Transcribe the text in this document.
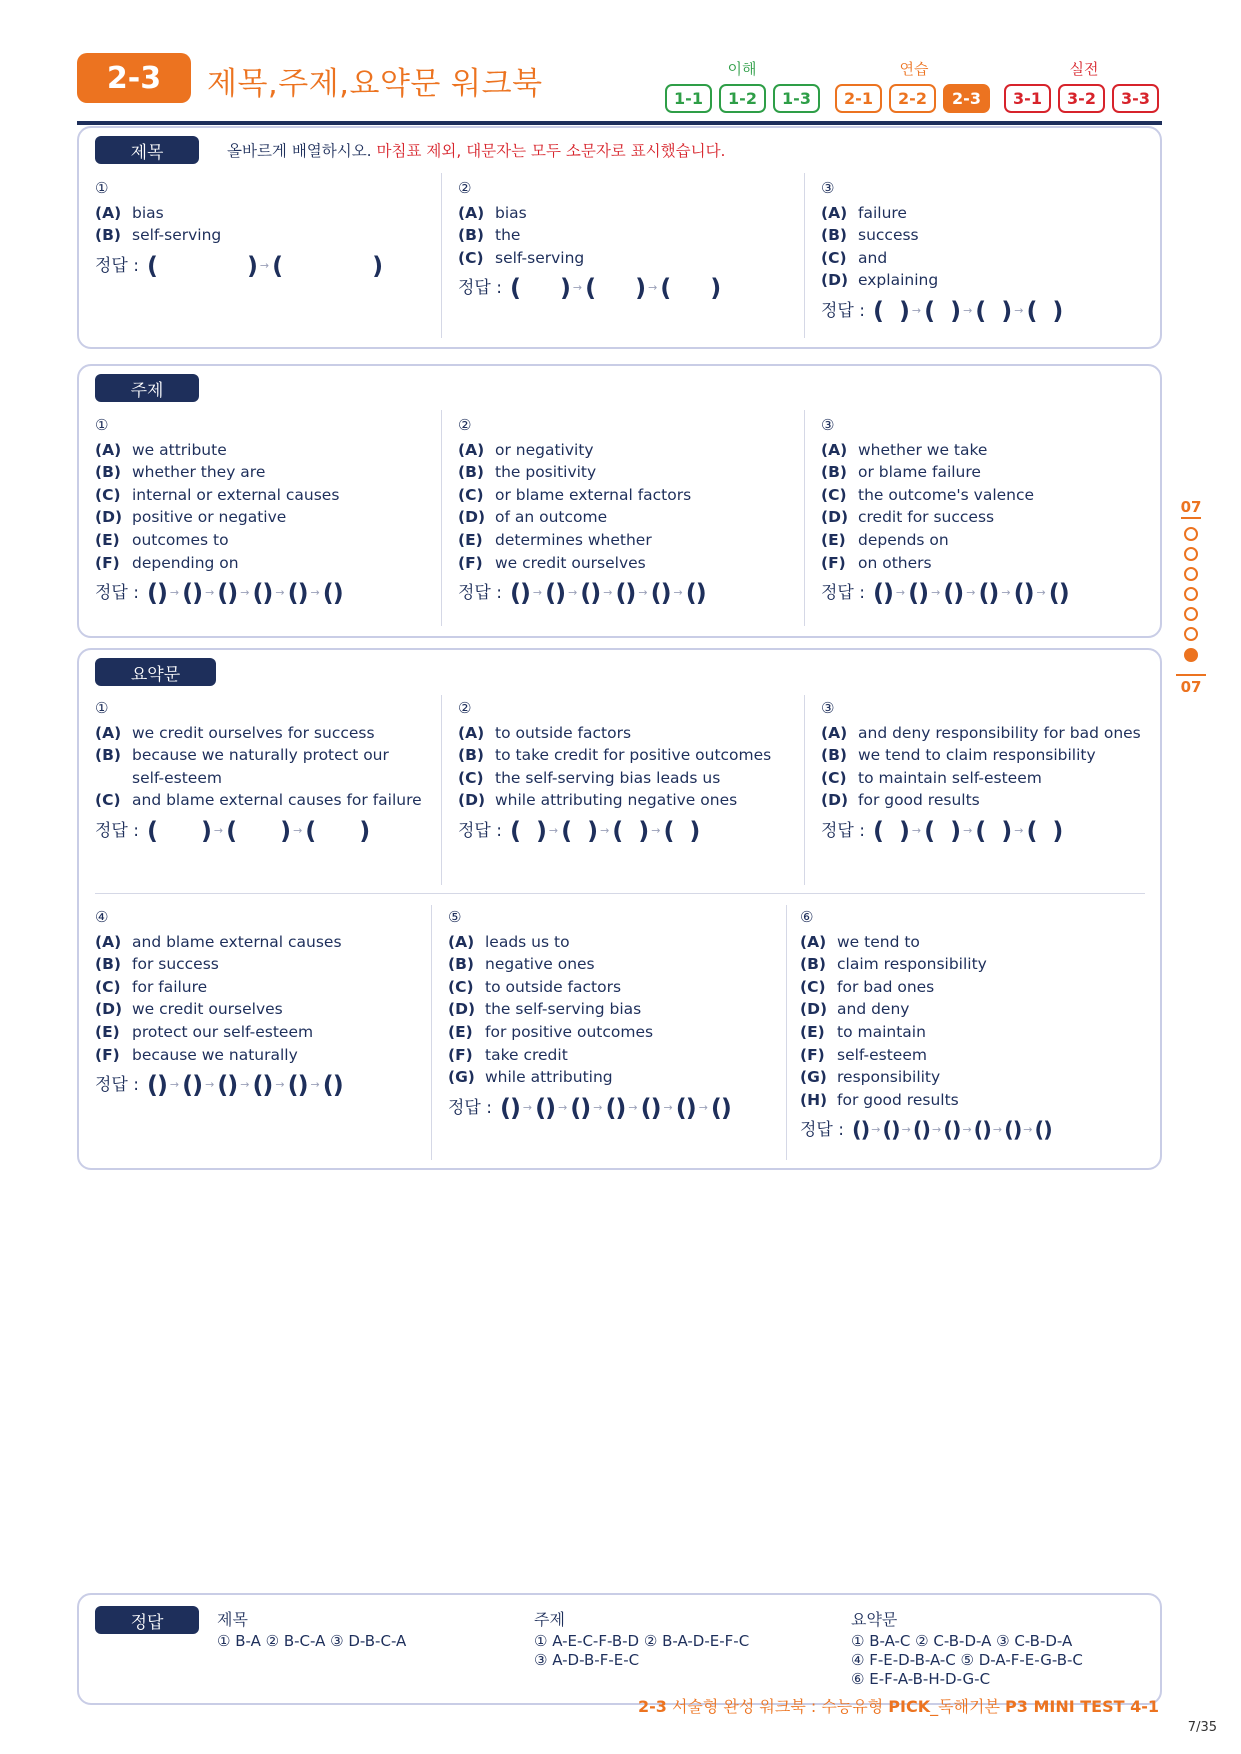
2-3	제목,주제,요약문 워크북	이해	연습	실전
1-1	1-2	1-3	2-1	2-2	2-3	3-1	3-2	3-3
07
07
제목	올바르게 배열하시오. 마침표 제외, 대문자는 모두 소문자로 표시했습니다.
①
(A) bias
(B) self-serving
정답 : (	) → (	)
②
(A) bias
(B) the
(C) self-serving
정답 : ( ) → ( ) → ( )
③
(A) failure
(B) success
(C) and
(D) explaining
정답 : ( ) → ( ) → ( ) → ( )
주제
①
(A) we attribute
(B) whether they are
(C) internal or external causes
(D) positive or negative
(E) outcomes to
(F) depending on
정답 : () → () → () → () → () → ()
②
(A) or negativity
(B) the positivity
(C) or blame external factors
(D) of an outcome
(E) determines whether
(F) we credit ourselves
정답 : () → () → () → () → () → ()
③
(A) whether we take
(B) or blame failure
(C) the outcome's valence
(D) credit for success
(E) depends on
(F) on others
정답 : () → () → () → () → () → ()
요약문
①
(A) we credit ourselves for success
(B) because we naturally protect our self-esteem
(C) and blame external causes for failure
정답 : ( ) → ( ) → ( )
②
(A) to outside factors
(B) to take credit for positive outcomes
(C) the self-serving bias leads us
(D) while attributing negative ones
정답 : ( ) → ( ) → ( ) → ( )
③
(A) and deny responsibility for bad ones
(B) we tend to claim responsibility
(C) to maintain self-esteem
(D) for good results
정답 : ( ) → ( ) → ( ) → ( )
④
(A) and blame external causes
(B) for success
(C) for failure
(D) we credit ourselves
(E) protect our self-esteem
(F) because we naturally
정답 : () → () → () → () → () → ()
⑤
(A) leads us to
(B) negative ones
(C) to outside factors
(D) the self-serving bias
(E) for positive outcomes
(F) take credit
(G) while attributing
정답 : () → () → () → () → () → () → ()
⑥
(A) we tend to
(B) claim responsibility
(C) for bad ones
(D) and deny
(E) to maintain
(F) self-esteem
(G) responsibility
(H) for good results
정답 : () → () → () → () → () → () → ()
정답	제목
① B-A ② B-C-A ③ D-B-C-A
주제
① A-E-C-F-B-D ② B-A-D-E-F-C
③ A-D-B-F-E-C
요약문
① B-A-C ② C-B-D-A ③ C-B-D-A
④ F-E-D-B-A-C ⑤ D-A-F-E-G-B-C
⑥ E-F-A-B-H-D-G-C
2-3 서술형 완성 워크북 : 수능유형 PICK_독해기본 P3 MINI TEST 4-1
7/35
